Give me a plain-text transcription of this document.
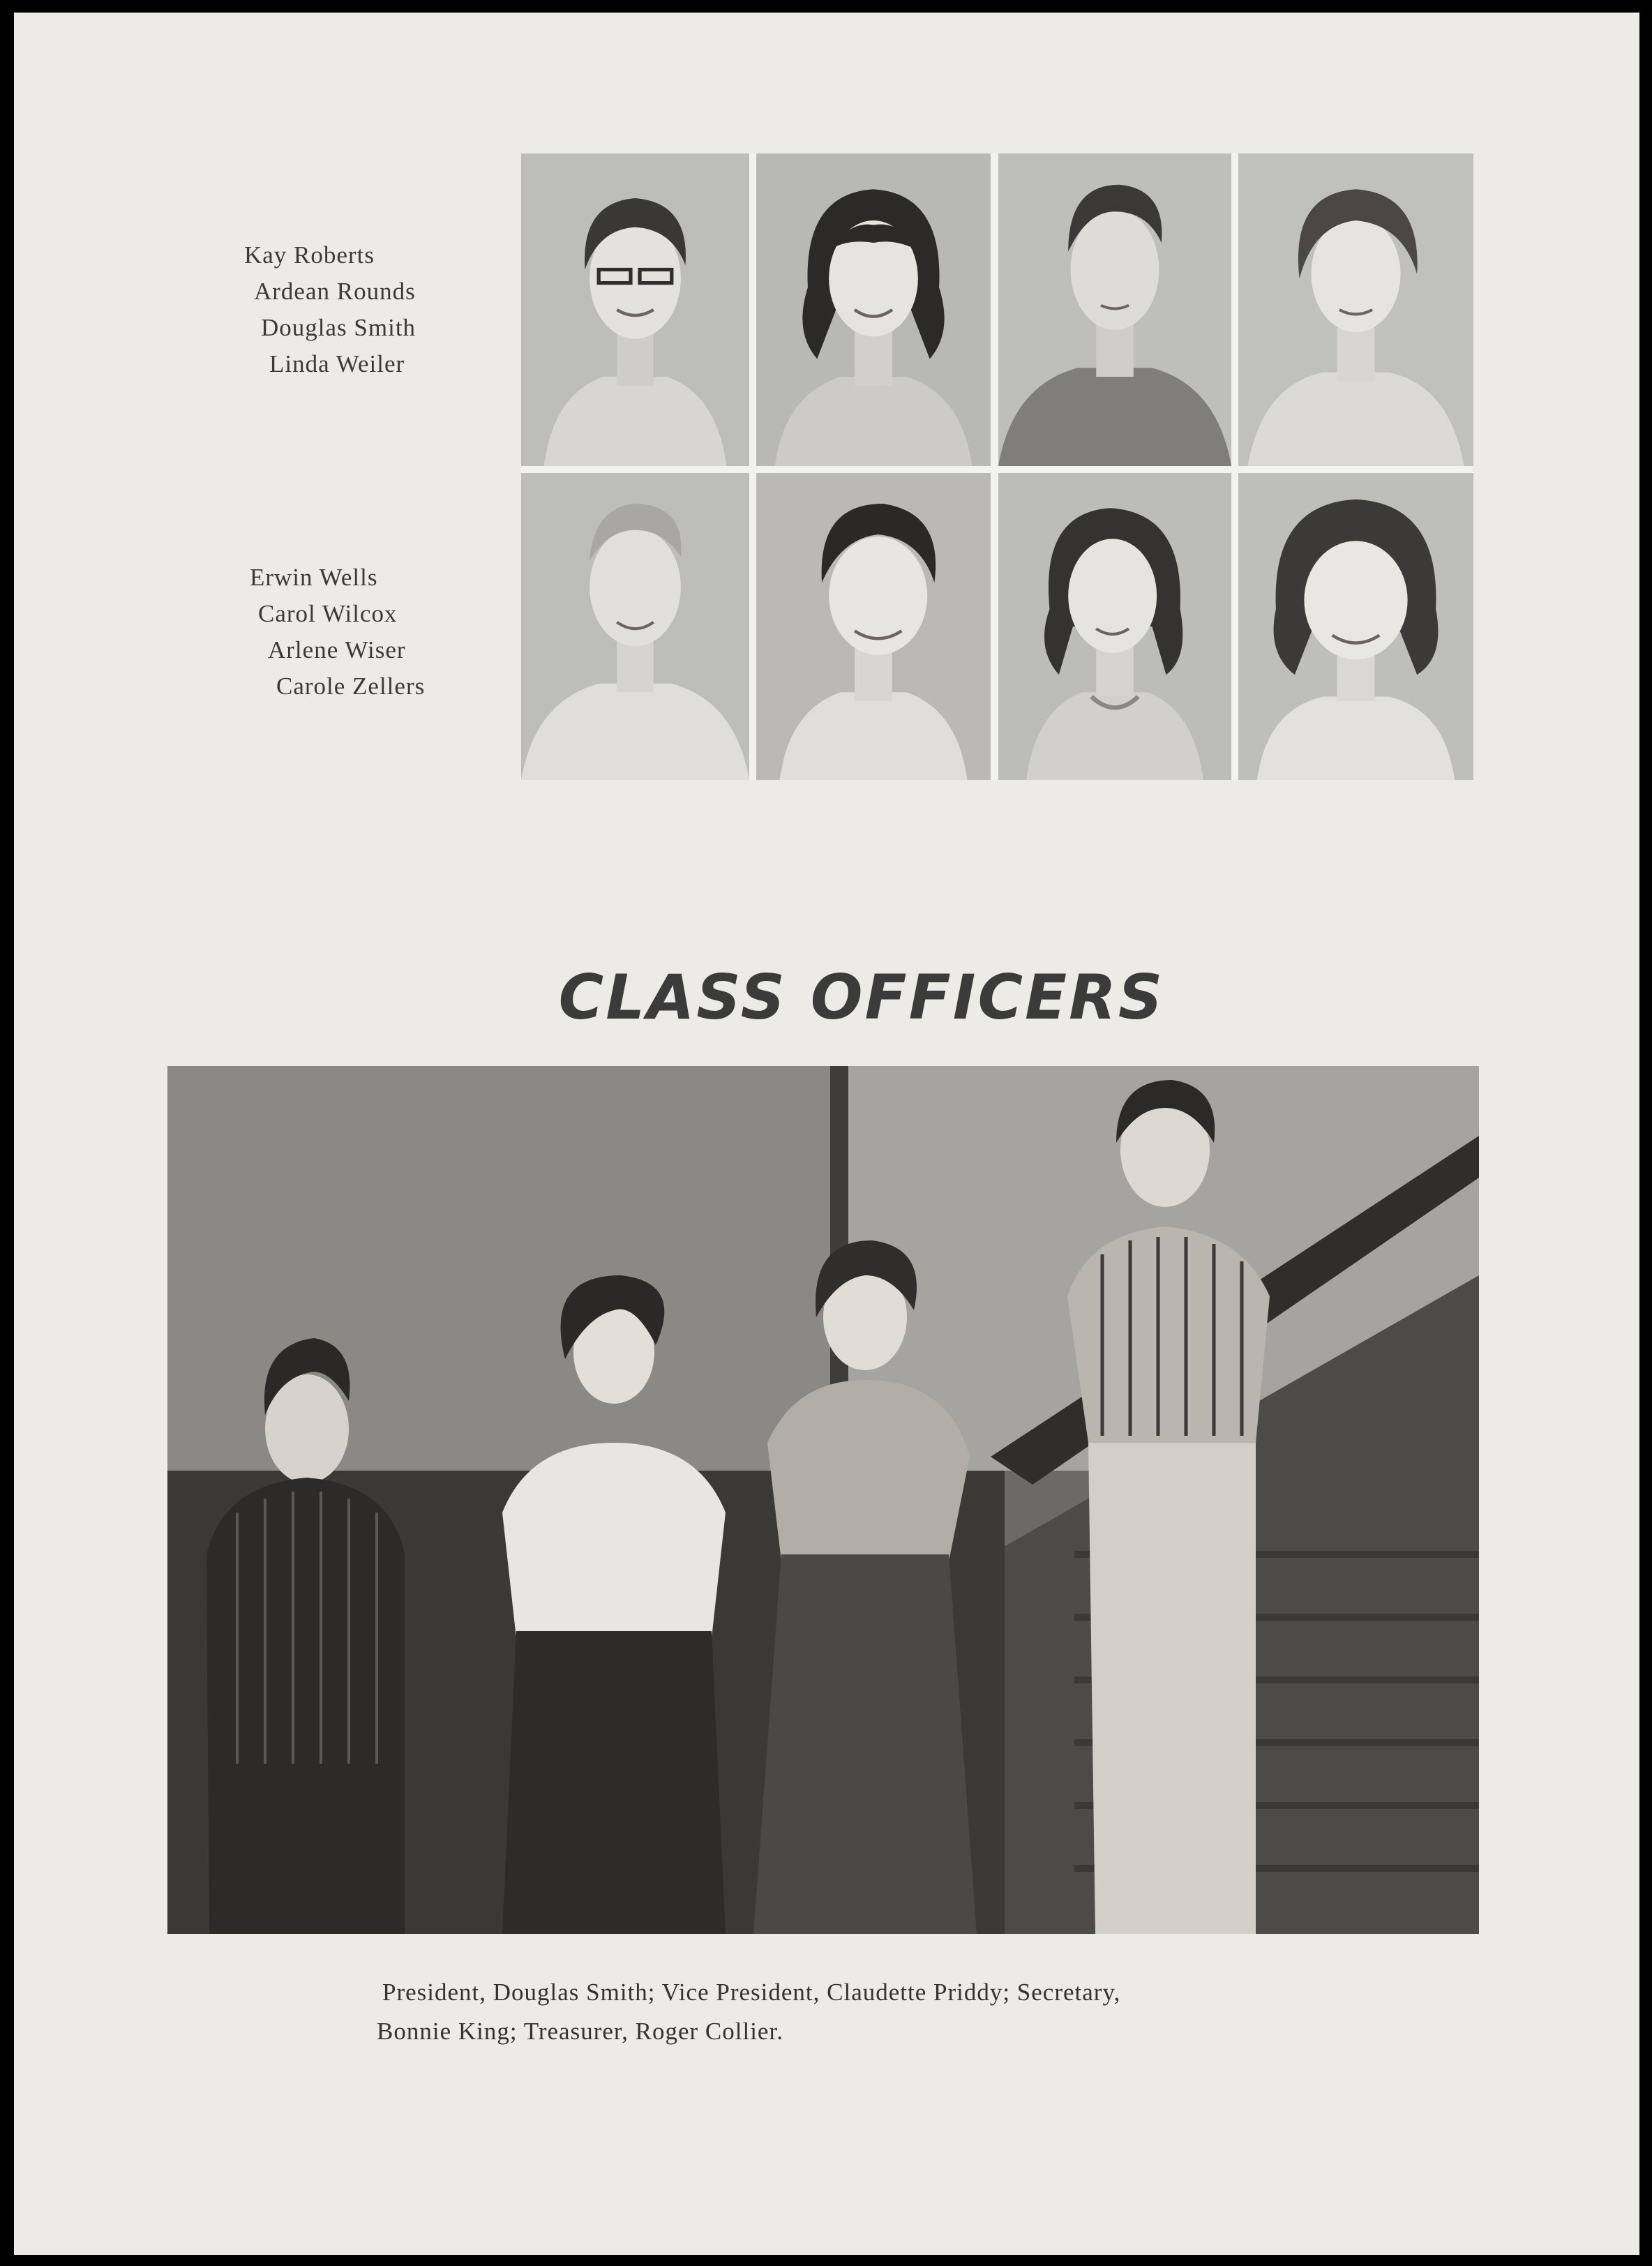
Kay Roberts
Ardean Rounds
Douglas Smith
Linda Weiler
Erwin Wells
Carol Wilcox
Arlene Wiser
Carole Zellers
CLASS OFFICERS
President, Douglas Smith; Vice President, Claudette Priddy; Secretary,
Bonnie King; Treasurer, Roger Collier.
